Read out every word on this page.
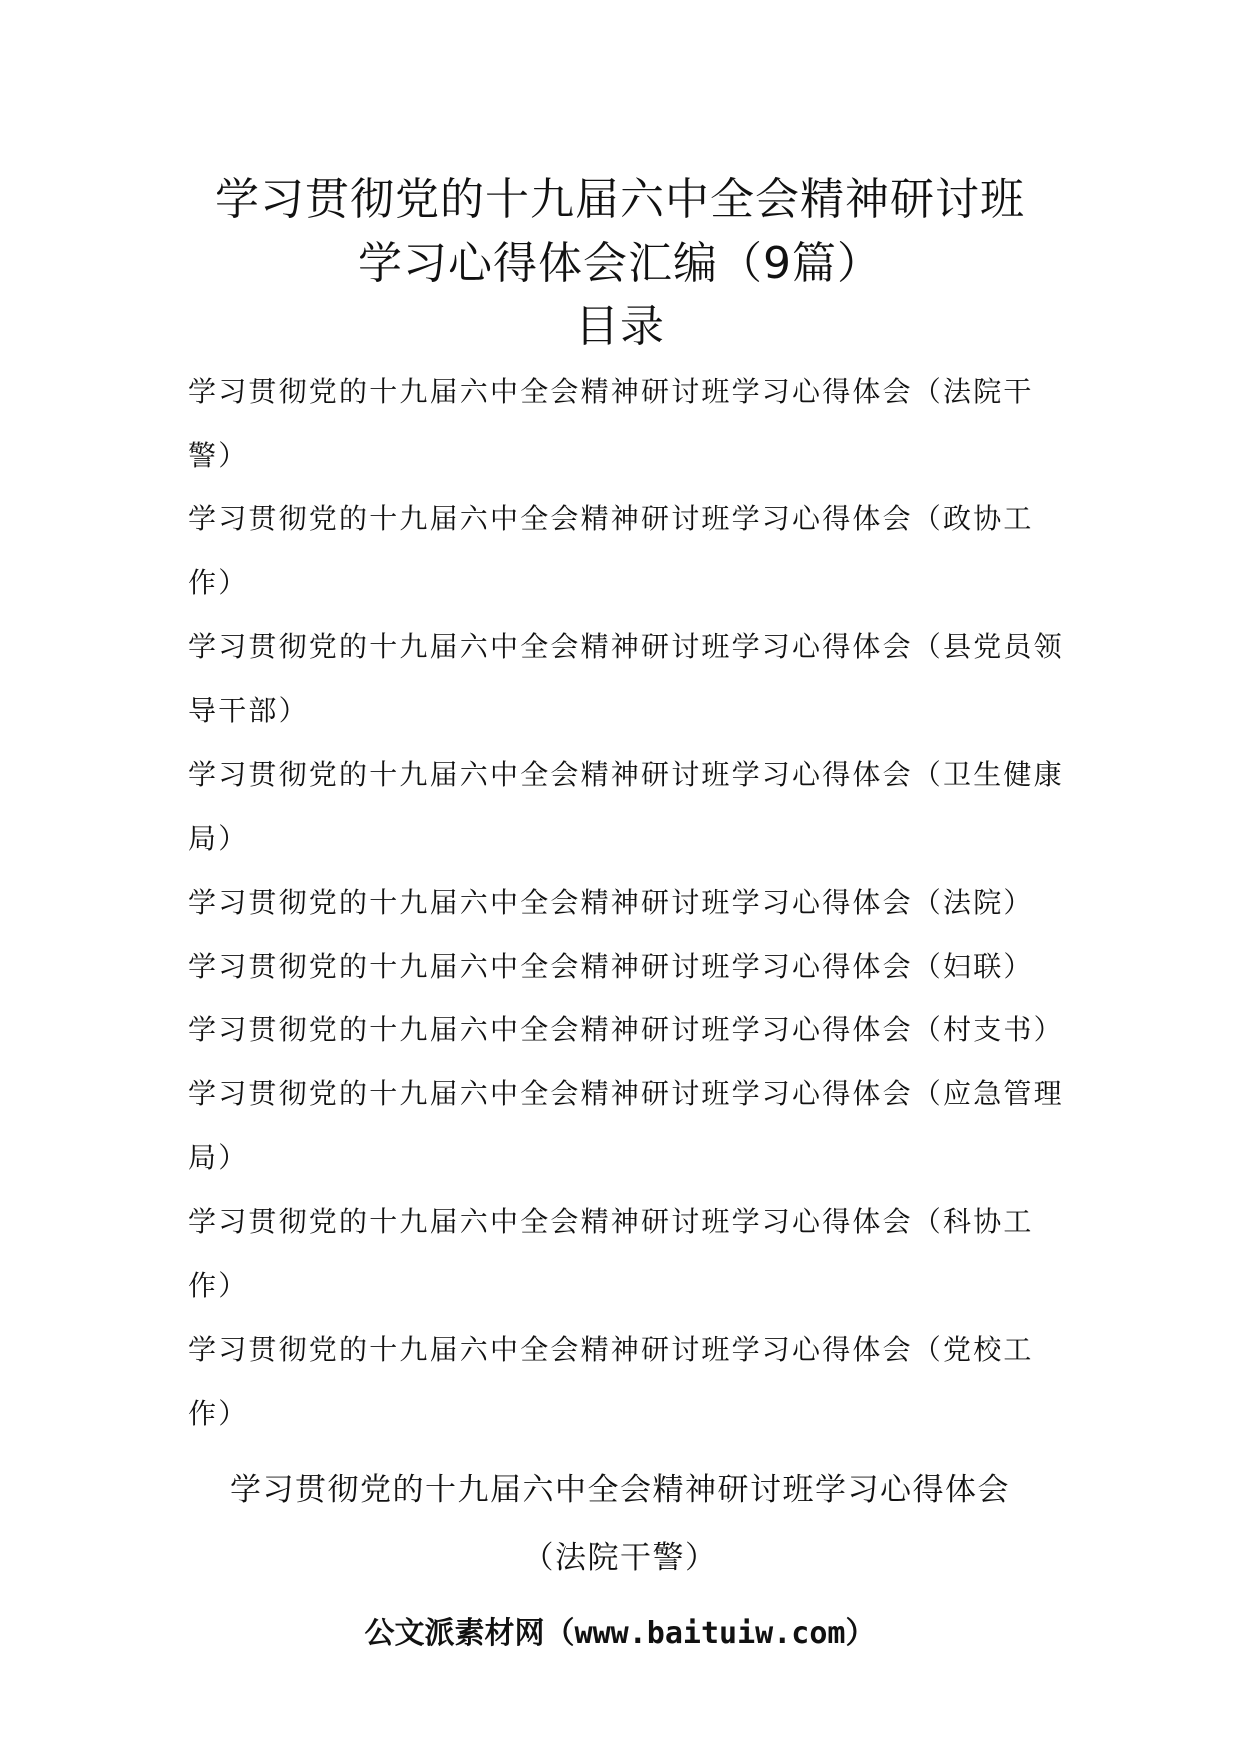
学习贯彻党的十九届六中全会精神研讨班
学习心得体会汇编（9篇）
目录
学习贯彻党的十九届六中全会精神研讨班学习心得体会（法院干
警）
学习贯彻党的十九届六中全会精神研讨班学习心得体会（政协工
作）
学习贯彻党的十九届六中全会精神研讨班学习心得体会（县党员领
导干部）
学习贯彻党的十九届六中全会精神研讨班学习心得体会（卫生健康
局）
学习贯彻党的十九届六中全会精神研讨班学习心得体会（法院）
学习贯彻党的十九届六中全会精神研讨班学习心得体会（妇联）
学习贯彻党的十九届六中全会精神研讨班学习心得体会（村支书）
学习贯彻党的十九届六中全会精神研讨班学习心得体会（应急管理
局）
学习贯彻党的十九届六中全会精神研讨班学习心得体会（科协工
作）
学习贯彻党的十九届六中全会精神研讨班学习心得体会（党校工
作）
学习贯彻党的十九届六中全会精神研讨班学习心得体会
（法院干警）
公文派素材网（www.baituiw.com）
